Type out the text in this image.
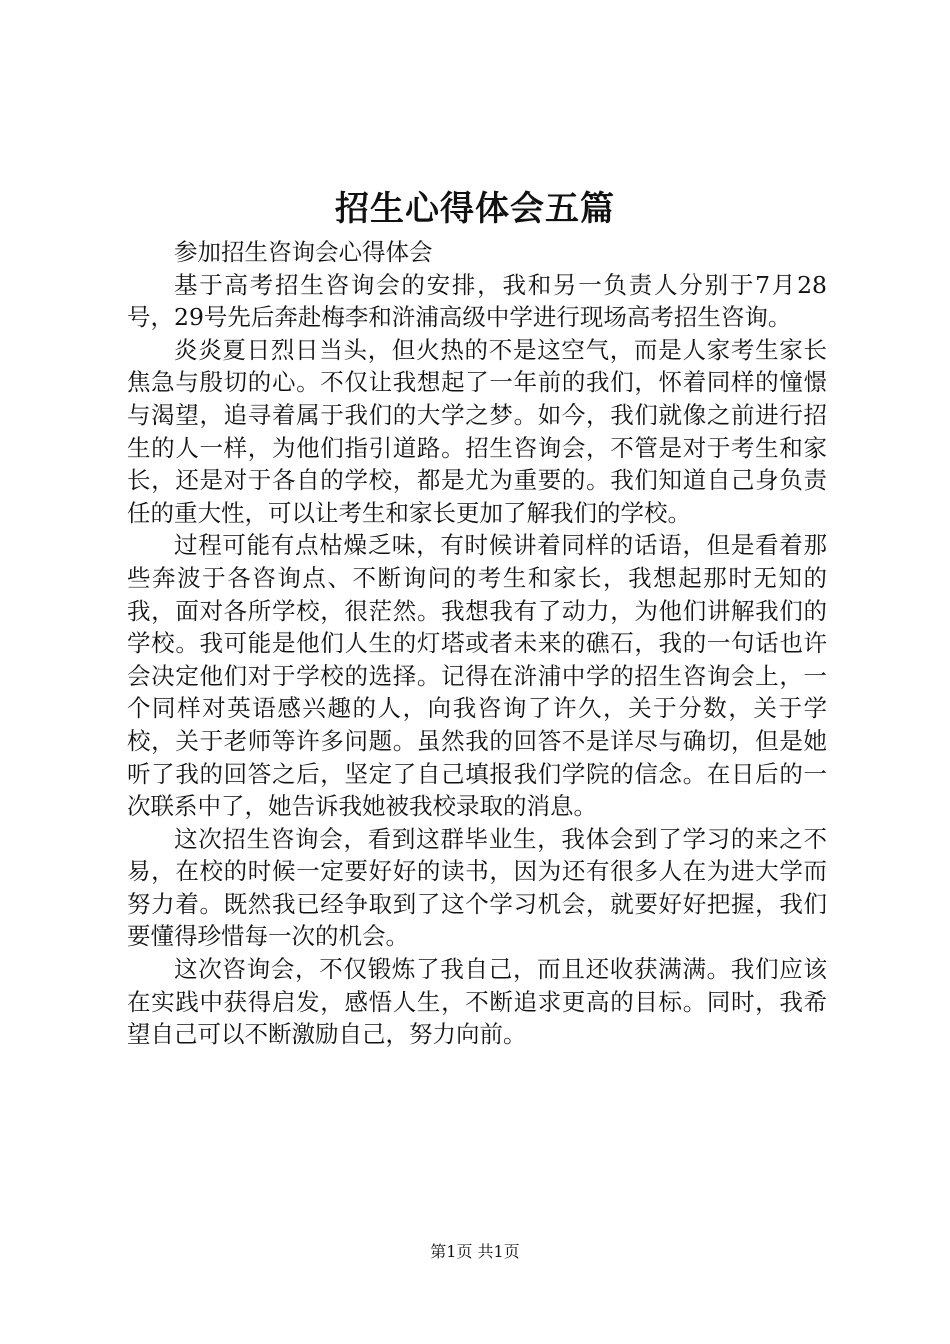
招生心得体会五篇

参加招生咨询会心得体会

基于高考招生咨询会的安排，我和另一负责人分别于7月28号，29号先后奔赴梅李和浒浦高级中学进行现场高考招生咨询。

炎炎夏日烈日当头，但火热的不是这空气，而是人家考生家长焦急与殷切的心。不仅让我想起了一年前的我们，怀着同样的憧憬与渴望，追寻着属于我们的大学之梦。如今，我们就像之前进行招生的人一样，为他们指引道路。招生咨询会，不管是对于考生和家长，还是对于各自的学校，都是尤为重要的。我们知道自己身负责任的重大性，可以让考生和家长更加了解我们的学校。

过程可能有点枯燥乏味，有时候讲着同样的话语，但是看着那些奔波于各咨询点、不断询问的考生和家长，我想起那时无知的我，面对各所学校，很茫然。我想我有了动力，为他们讲解我们的学校。我可能是他们人生的灯塔或者未来的礁石，我的一句话也许会决定他们对于学校的选择。记得在浒浦中学的招生咨询会上，一个同样对英语感兴趣的人，向我咨询了许久，关于分数，关于学校，关于老师等许多问题。虽然我的回答不是详尽与确切，但是她听了我的回答之后，坚定了自己填报我们学院的信念。在日后的一次联系中了，她告诉我她被我校录取的消息。

这次招生咨询会，看到这群毕业生，我体会到了学习的来之不易，在校的时候一定要好好的读书，因为还有很多人在为进大学而努力着。既然我已经争取到了这个学习机会，就要好好把握，我们要懂得珍惜每一次的机会。

这次咨询会，不仅锻炼了我自己，而且还收获满满。我们应该在实践中获得启发，感悟人生，不断追求更高的目标。同时，我希望自己可以不断激励自己，努力向前。

第1页 共1页
